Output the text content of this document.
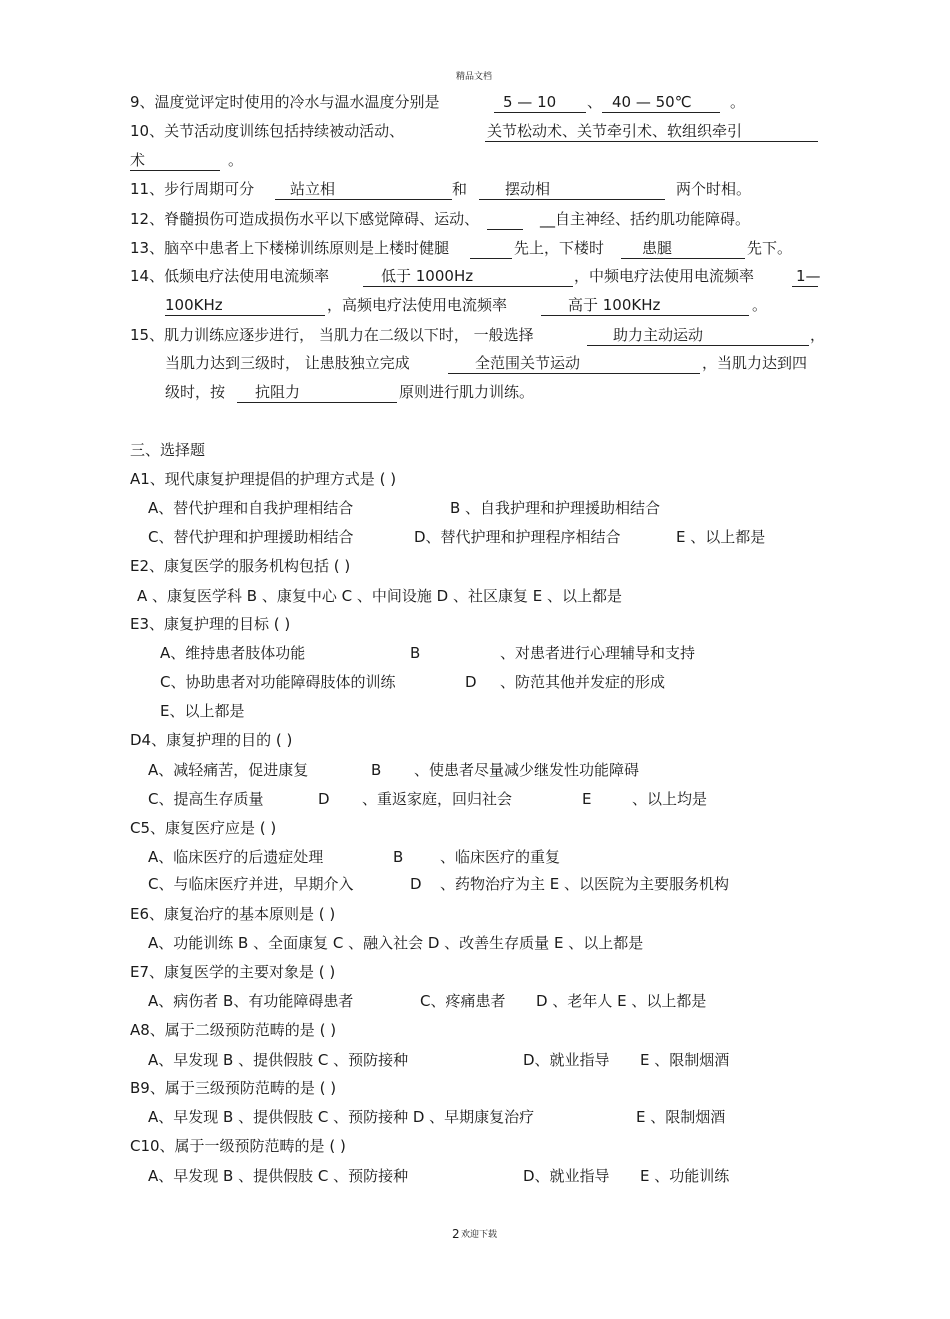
精品文档
9、温度觉评定时使用的冷水与温水温度分别是	5 — 10 、 40 — 50℃	。
10、关节活动度训练包括持续被动活动、	关节松动术、关节牵引术、软组织牵引
术	。
11、步行周期可分 站立相	和	摆动相	两个时相。
12、脊髓损伤可造成损伤水平以下感觉障碍、运动、	__自主神经、括约肌功能障碍。
13、脑卒中患者上下楼梯训练原则是上楼时健腿	先上，下楼时	患腿	先下。
14、低频电疗法使用电流频率	低于 1000Hz	，中频电疗法使用电流频率	1—
100KHz	，高频电疗法使用电流频率	高于 100KHz	。
15、肌力训练应逐步进行， 当肌力在二级以下时， 一般选择	助力主动运动	，
当肌力达到三级时， 让患肢独立完成	全范围关节运动	，当肌力达到四
级时，按 抗阻力	原则进行肌力训练。
三、选择题
A1、现代康复护理提倡的护理方式是 ( )
A、替代护理和自我护理相结合	B 、自我护理和护理援助相结合
C、替代护理和护理援助相结合	D、替代护理和护理程序相结合	E 、以上都是
E2、康复医学的服务机构包括 ( )
A 、康复医学科 B 、康复中心 C 、中间设施 D 、社区康复 E 、以上都是
E3、康复护理的目标 ( )
A、维持患者肢体功能	B	、对患者进行心理辅导和支持
C、协助患者对功能障碍肢体的训练	D 、防范其他并发症的形成
E、以上都是
D4、康复护理的目的 ( )
A、减轻痛苦，促进康复	B 、使患者尽量减少继发性功能障碍
C、提高生存质量	D 、重返家庭，回归社会	E	、以上均是
C5、康复医疗应是 ( )
A、临床医疗的后遗症处理	B 、临床医疗的重复
C、与临床医疗并进，早期介入	D 、药物治疗为主 E 、以医院为主要服务机构
E6、康复治疗的基本原则是 ( )
A、功能训练 B 、全面康复 C 、融入社会 D 、改善生存质量 E 、以上都是
E7、康复医学的主要对象是 ( )
A、病伤者 B、有功能障碍患者	C、疼痛患者 D 、老年人 E 、以上都是
A8、属于二级预防范畴的是 ( )
A、早发现 B 、提供假肢 C 、预防接种	D、就业指导 E 、限制烟酒
B9、属于三级预防范畴的是 ( )
A、早发现 B 、提供假肢 C 、预防接种 D 、早期康复治疗	E 、限制烟酒
C10、属于一级预防范畴的是 ( )
A、早发现 B 、提供假肢 C 、预防接种	D、就业指导 E 、功能训练
2 欢迎下载
